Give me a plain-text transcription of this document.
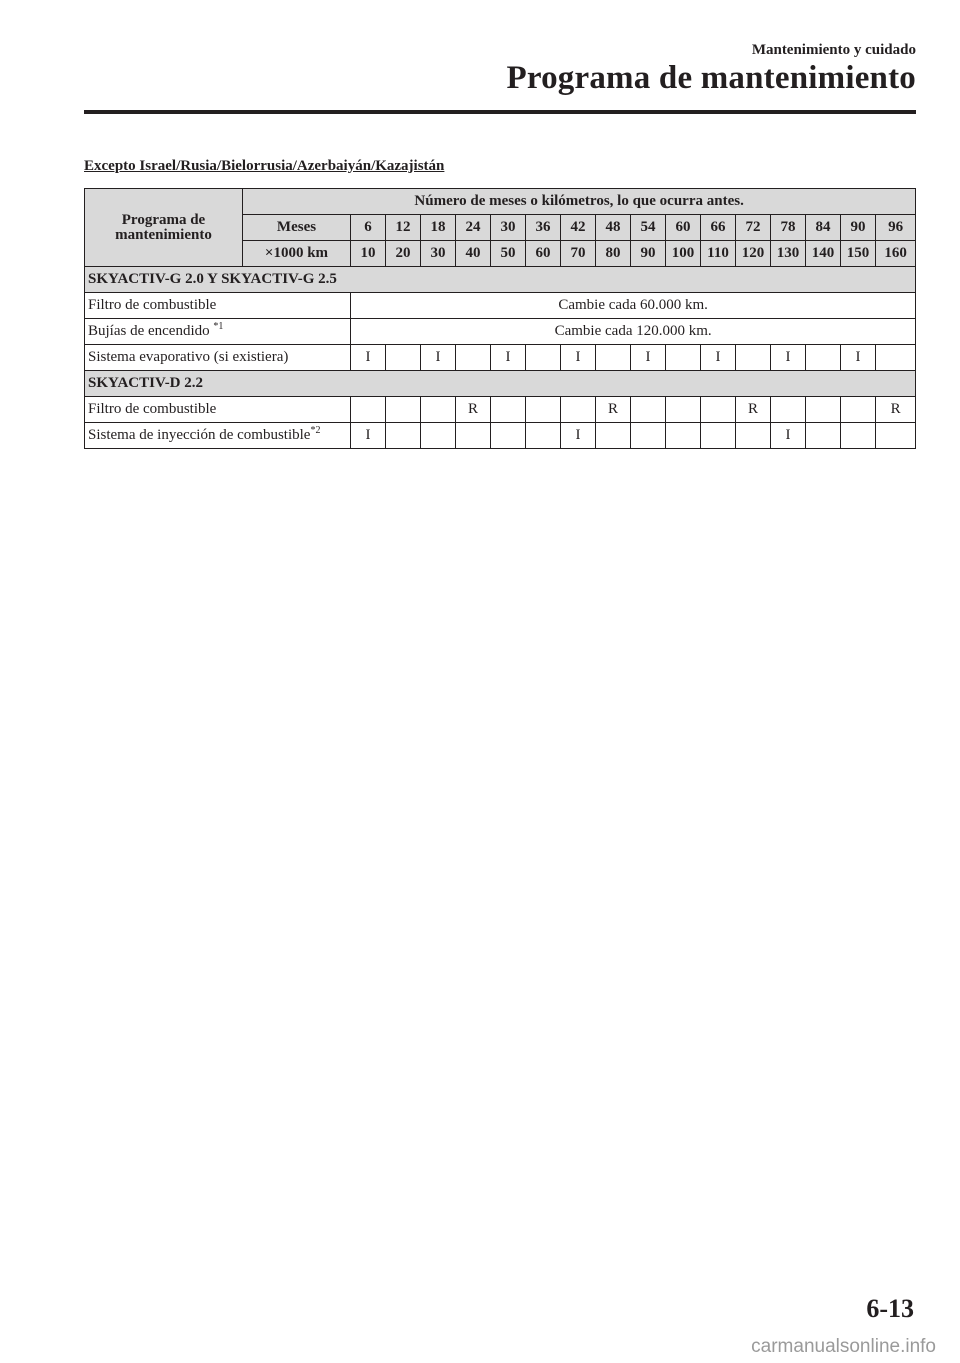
Mantenimiento y cuidado
Programa de mantenimiento
Excepto Israel/Rusia/Bielorrusia/Azerbaiyán/Kazajistán
Programa de mantenimiento	Número de meses o kilómetros, lo que ocurra antes.																
	Meses	6	12	18	24	30	36	42	48	54	60	66	72	78	84	90	96
	×1000 km	10	20	30	40	50	60	70	80	90	100	110	120	130	140	150	160
SKYACTIV-G 2.0 Y SKYACTIV-G 2.5																	
Filtro de combustible		Cambie cada 60.000 km.															
Bujías de encendido $^{*1}$		Cambie cada 120.000 km.															
Sistema evaporativo (si existiera)		I		I		I		I		I		I		I		I	
SKYACTIV-D 2.2																	
Filtro de combustible					R				R				R				R
Sistema de inyección de combustible$^{*2}$		I						I						I			
6-13
carmanualsonline.info
